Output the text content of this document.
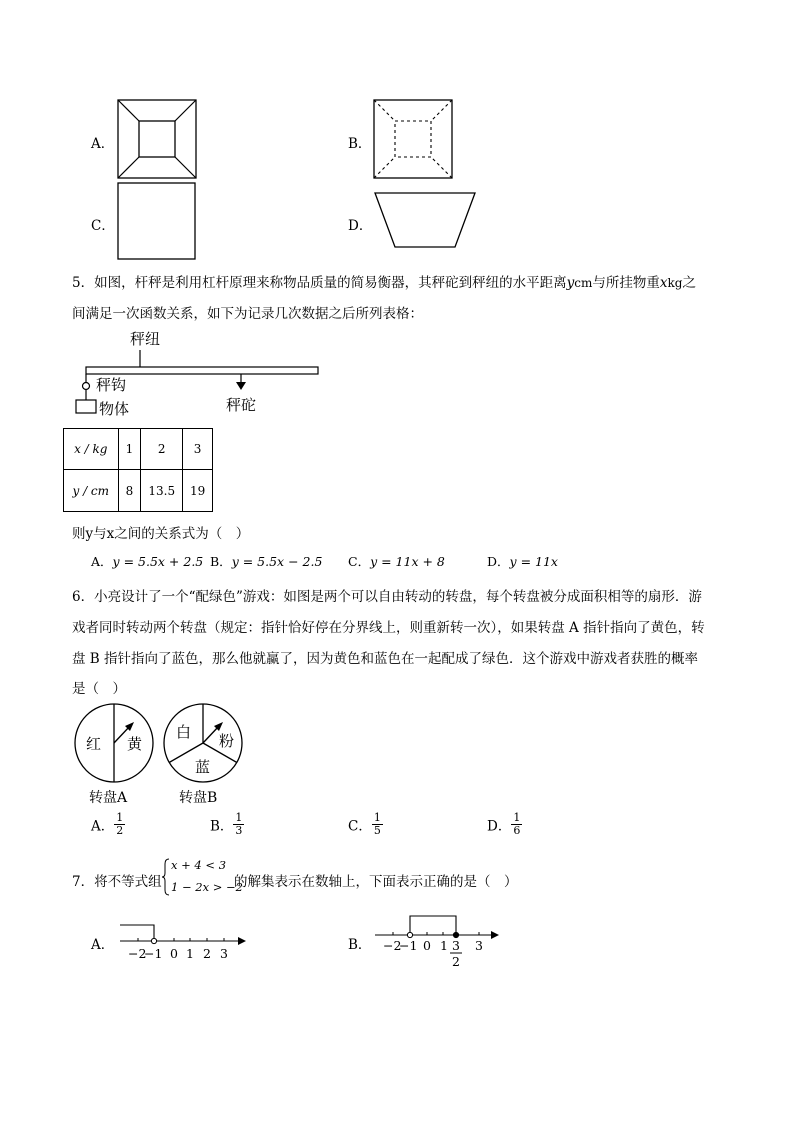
A．	B．
C．	D．
5．如图，杆秤是利用杠杆原理来称物品质量的简易衡器，其秤砣到秤纽的水平距离ycm与所挂物重xkg之
间满足一次函数关系，如下为记录几次数据之后所列表格：
秤纽
秤钩
秤砣
物体
x / kg	1	2	3
y / cm	8	13.5	19
则y与x之间的关系式为（　）
A．y = 5.5x + 2.5 B．y = 5.5x − 2.5 C．y = 11x + 8	D．y = 11x
6．小亮设计了一个“配绿色”游戏：如图是两个可以自由转动的转盘，每个转盘被分成面积相等的扇形．游
戏者同时转动两个转盘（规定：指针恰好停在分界线上，则重新转一次），如果转盘 A 指针指向了黄色，转
盘 B 指针指向了蓝色，那么他就赢了，因为黄色和蓝色在一起配成了绿色．这个游戏中游戏者获胜的概率
是（　）
红 黄
转盘A
白 粉
蓝
转盘B
A． $\frac{1}{2}$	B． $\frac{1}{3}$	C． $\frac{1}{5}$	D． $\frac{1}{6}$
7．将不等式组
x + 4 < 3
1 − 2x > −2
的解集表示在数轴上，下面表示正确的是（　）
A．
−2
−1 0 1 2 3
B． −2
−1 0 1 3
3
2
